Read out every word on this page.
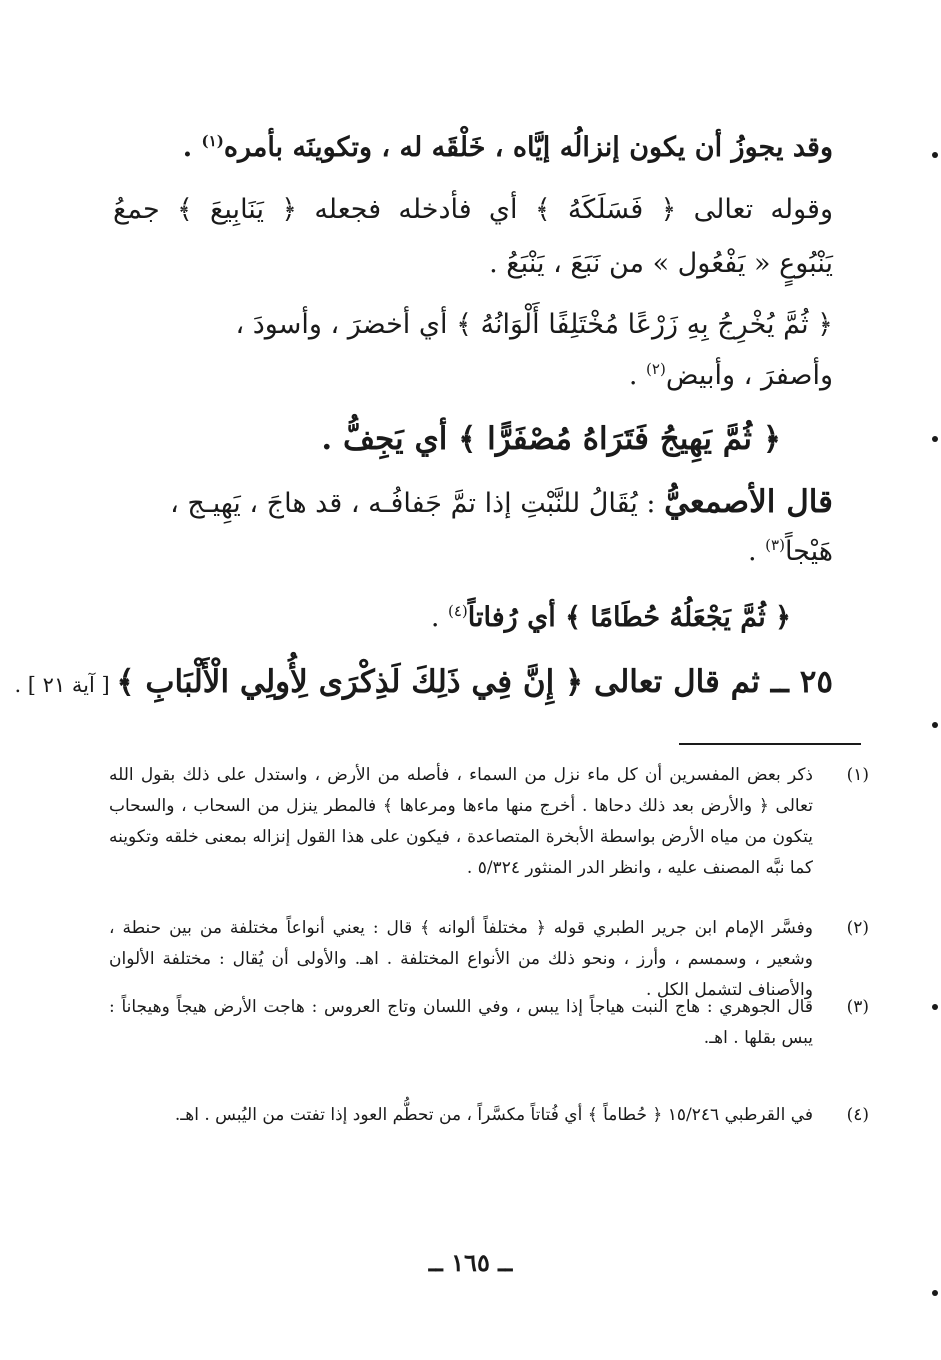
وقد يجوزُ أن يكون إنزالُه إيَّاه ، خَلْقَه له ، وتكوينَه بأمره$^{(١)}$ .
وقوله تعالى ﴿ فَسَلَكَهُ ﴾ أي فأدخله فجعله ﴿ يَنَابِيعَ ﴾ جمعُ
يَنْبُوعٍ « يَفْعُول » من نَبَعَ ، يَنْبَعُ .
﴿ ثُمَّ يُخْرِجُ بِهِ زَرْعًا مُخْتَلِفًا أَلْوَانُهُ ﴾ أي أخضرَ ، وأسودَ ،
وأصفرَ ، وأبيض$^{(٢)}$ .
﴿ ثُمَّ يَهِيجُ فَتَرَاهُ مُصْفَرًّا ﴾ أي يَجِفُّ .
قال الأصمعيُّ : يُقَالُ للنَّبْتِ إذا تمَّ جَفافُـه ، قد هاجَ ، يَهِيـج ،
هَيْجاً$^{(٣)}$ .
﴿ ثُمَّ يَجْعَلُهُ حُطَامًا ﴾ أي رُفاتاً$^{(٤)}$ .
٢٥ ــ ثم قال تعالى ﴿ إِنَّ فِي ذَلِكَ لَذِكْرَى لِأُولِي الْأَلْبَابِ ﴾ [ آية ٢١ ] .
(١)
ذكر بعض المفسرين أن كل ماء نزل من السماء ، فأصله من الأرض ، واستدل على ذلك بقول الله تعالى ﴿ والأرض بعد ذلك دحاها . أخرج منها ماءها ومرعاها ﴾ فالمطر ينزل من السحاب ، والسحاب يتكون من مياه الأرض بواسطة الأبخرة المتصاعدة ، فيكون على هذا القول إنزاله بمعنى خلقه وتكوينه كما نبَّه المصنف عليه ، وانظر الدر المنثور ٥/٣٢٤ .
(٢)
وفسَّر الإمام ابن جرير الطبري قوله ﴿ مختلفاً ألوانه ﴾ قال : يعني أنواعاً مختلفة من بين حنطة ، وشعير ، وسمسم ، وأرز ، ونحو ذلك من الأنواع المختلفة . اهـ. والأولى أن يُقال : مختلفة الألوان والأصناف لتشمل الكل .
(٣)
قال الجوهري : هاج النبت هياجاً إذا يبس ، وفي اللسان وتاج العروس : هاجت الأرض هيجاً وهيجاناً : يبس بقلها . اهـ.
(٤)
في القرطبي ١٥/٢٤٦ ﴿ حُطاماً ﴾ أي فُتاتاً مكسَّراً ، من تحطُّم العود إذا تفتت من اليُبس . اهـ.
ــ ١٦٥ ــ
